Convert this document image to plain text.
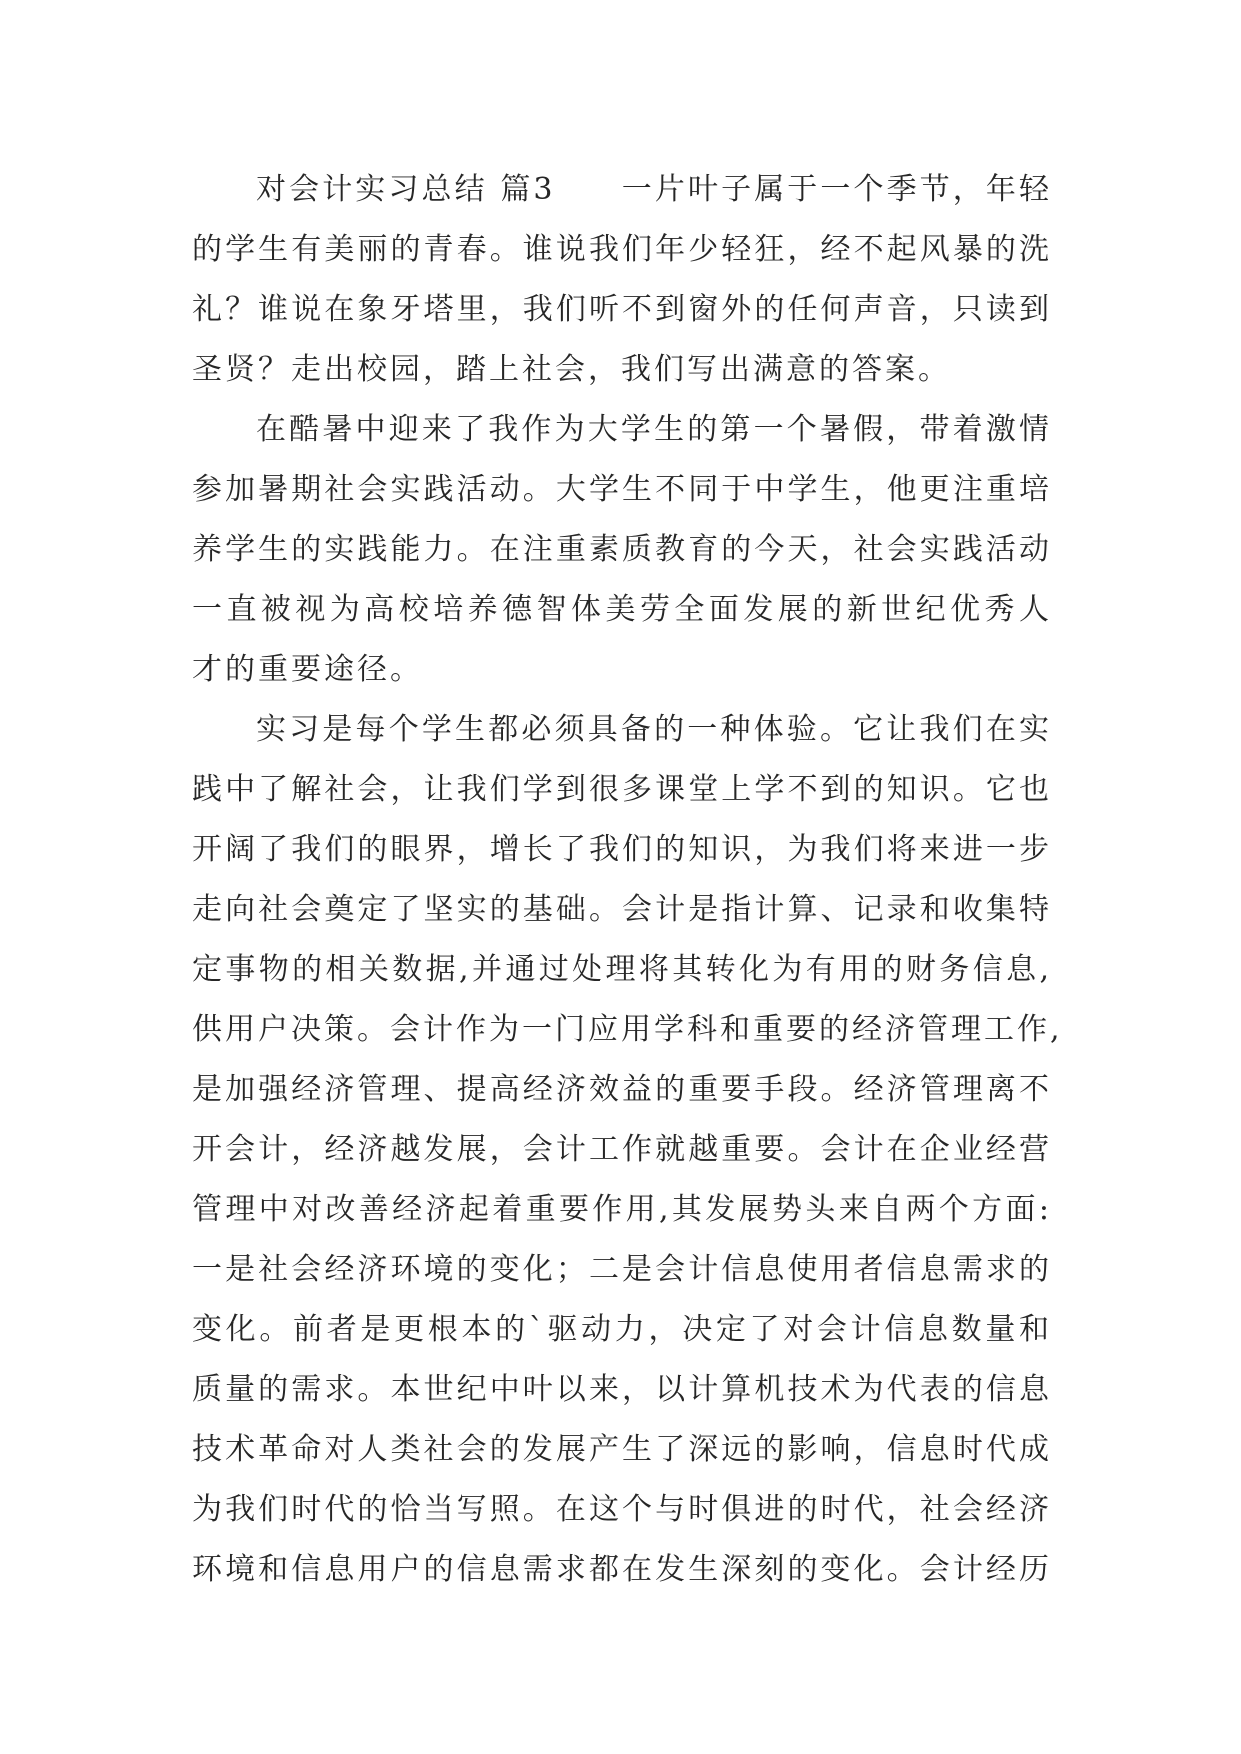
对会计实习总结 篇3　　一片叶子属于一个季节，年轻
的学生有美丽的青春。谁说我们年少轻狂，经不起风暴的洗
礼？谁说在象牙塔里，我们听不到窗外的任何声音，只读到
圣贤？走出校园，踏上社会，我们写出满意的答案。
在酷暑中迎来了我作为大学生的第一个暑假，带着激情
参加暑期社会实践活动。大学生不同于中学生，他更注重培
养学生的实践能力。在注重素质教育的今天，社会实践活动
一直被视为高校培养德智体美劳全面发展的新世纪优秀人
才的重要途径。
实习是每个学生都必须具备的一种体验。它让我们在实
践中了解社会，让我们学到很多课堂上学不到的知识。它也
开阔了我们的眼界，增长了我们的知识，为我们将来进一步
走向社会奠定了坚实的基础。会计是指计算、记录和收集特
定事物的相关数据,并通过处理将其转化为有用的财务信息,
供用户决策。会计作为一门应用学科和重要的经济管理工作,
是加强经济管理、提高经济效益的重要手段。经济管理离不
开会计，经济越发展，会计工作就越重要。会计在企业经营
管理中对改善经济起着重要作用,其发展势头来自两个方面:
一是社会经济环境的变化；二是会计信息使用者信息需求的
变化。前者是更根本的`驱动力，决定了对会计信息数量和
质量的需求。本世纪中叶以来，以计算机技术为代表的信息
技术革命对人类社会的发展产生了深远的影响，信息时代成
为我们时代的恰当写照。在这个与时俱进的时代，社会经济
环境和信息用户的信息需求都在发生深刻的变化。会计经历
